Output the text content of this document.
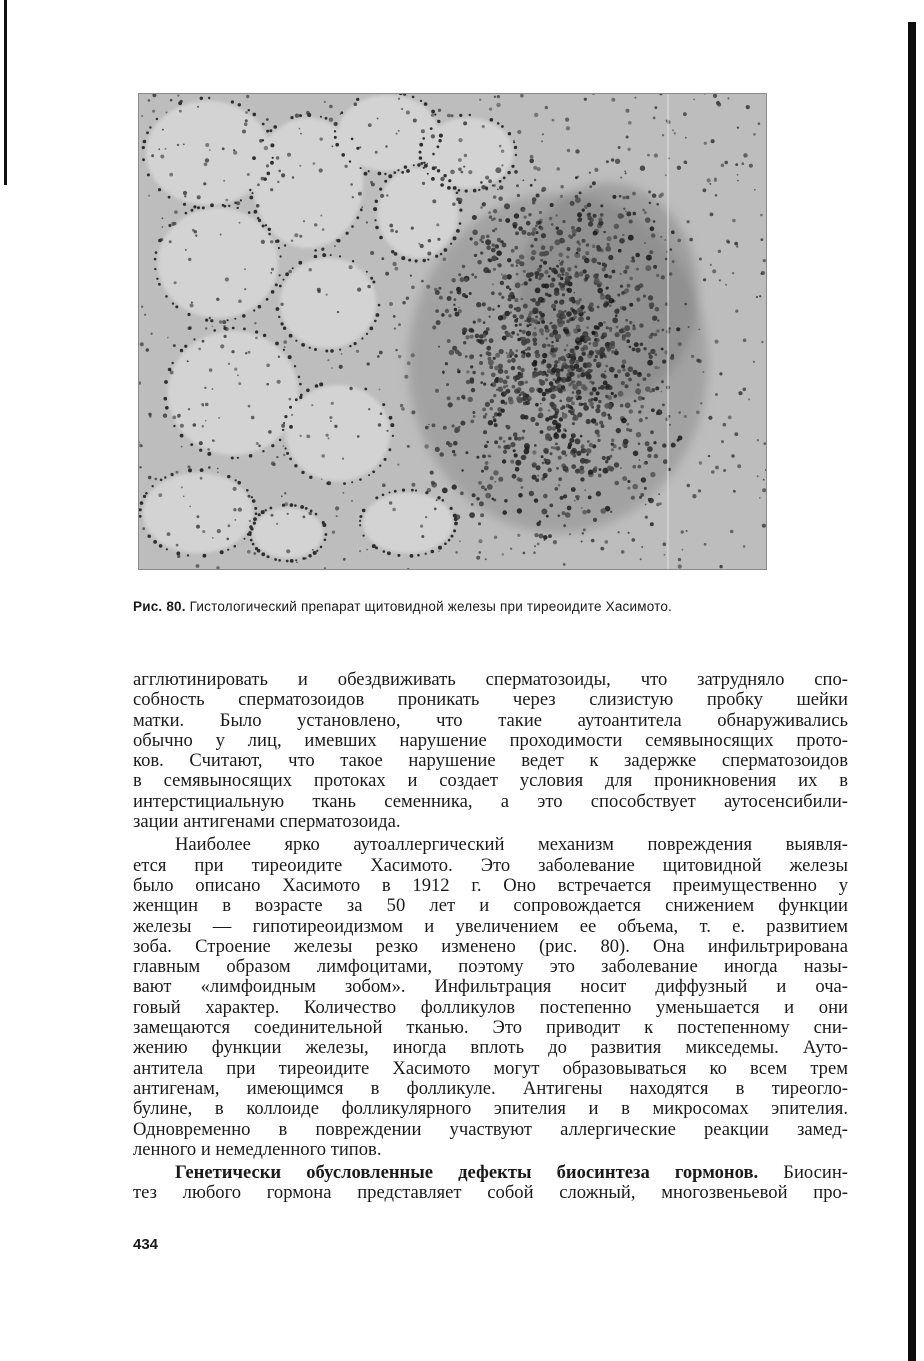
Рис. 80. Гистологический препарат щитовидной железы при тиреоидите Хасимото.

агглютинировать и обездвиживать сперматозоиды, что затрудняло спо-

собность сперматозоидов проникать через слизистую пробку шейки

матки. Было установлено, что такие аутоантитела обнаруживались

обычно у лиц, имевших нарушение проходимости семявыносящих прото-

ков. Считают, что такое нарушение ведет к задержке сперматозоидов

в семявыносящих протоках и создает условия для проникновения их в

интерстициальную ткань семенника, а это способствует аутосенсибили-

зации антигенами сперматозоида.

Наиболее ярко аутоаллергический механизм повреждения выявля-

ется при тиреоидите Хасимото. Это заболевание щитовидной железы

было описано Хасимото в 1912 г. Оно встречается преимущественно у

женщин в возрасте за 50 лет и сопровождается снижением функции

железы — гипотиреоидизмом и увеличением ее объема, т. е. развитием

зоба. Строение железы резко изменено (рис. 80). Она инфильтрирована

главным образом лимфоцитами, поэтому это заболевание иногда назы-

вают «лимфоидным зобом». Инфильтрация носит диффузный и оча-

говый характер. Количество фолликулов постепенно уменьшается и они

замещаются соединительной тканью. Это приводит к постепенному сни-

жению функции железы, иногда вплоть до развития микседемы. Ауто-

антитела при тиреоидите Хасимото могут образовываться ко всем трем

антигенам, имеющимся в фолликуле. Антигены находятся в тиреогло-

булине, в коллоиде фолликулярного эпителия и в микросомах эпителия.

Одновременно в повреждении участвуют аллергические реакции замед-

ленного и немедленного типов.

Генетически обусловленные дефекты биосинтеза гормонов. Биосин-

тез любого гормона представляет собой сложный, многозвеньевой про-

434
